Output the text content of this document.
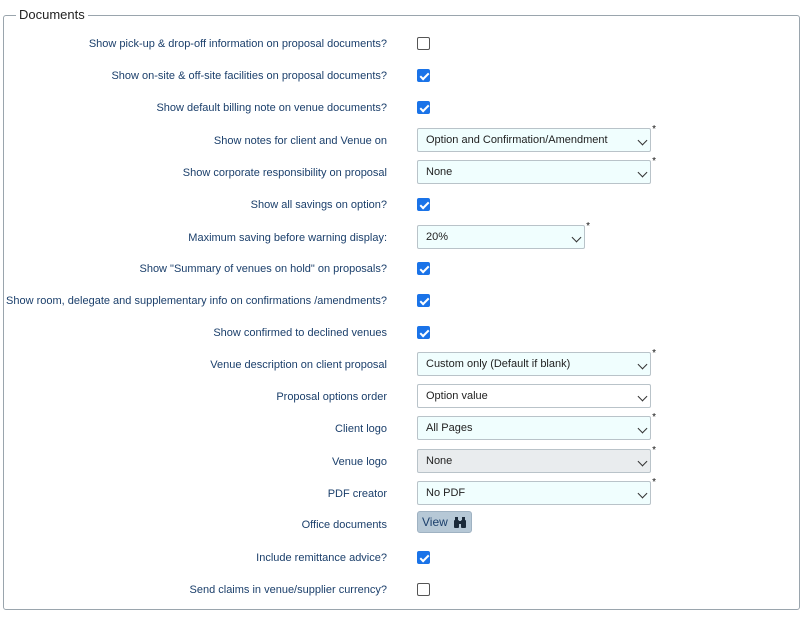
Documents
Show pick-up & drop-off information on proposal documents?
Show on-site & off-site facilities on proposal documents?
Show default billing note on venue documents?
Show notes for client and Venue on	Option and Confirmation/Amendment
*
Show corporate responsibility on proposal	None
*
Show all savings on option?
Maximum saving before warning display:	20%
*
Show "Summary of venues on hold" on proposals?
Show room, delegate and supplementary info on confirmations /amendments?
Show confirmed to declined venues
Venue description on client proposal	Custom only (Default if blank)
*
Proposal options order	Option value
Client logo	All Pages
*
Venue logo	None
*
PDF creator	No PDF
*
Office documents	View
Include remittance advice?
Send claims in venue/supplier currency?
